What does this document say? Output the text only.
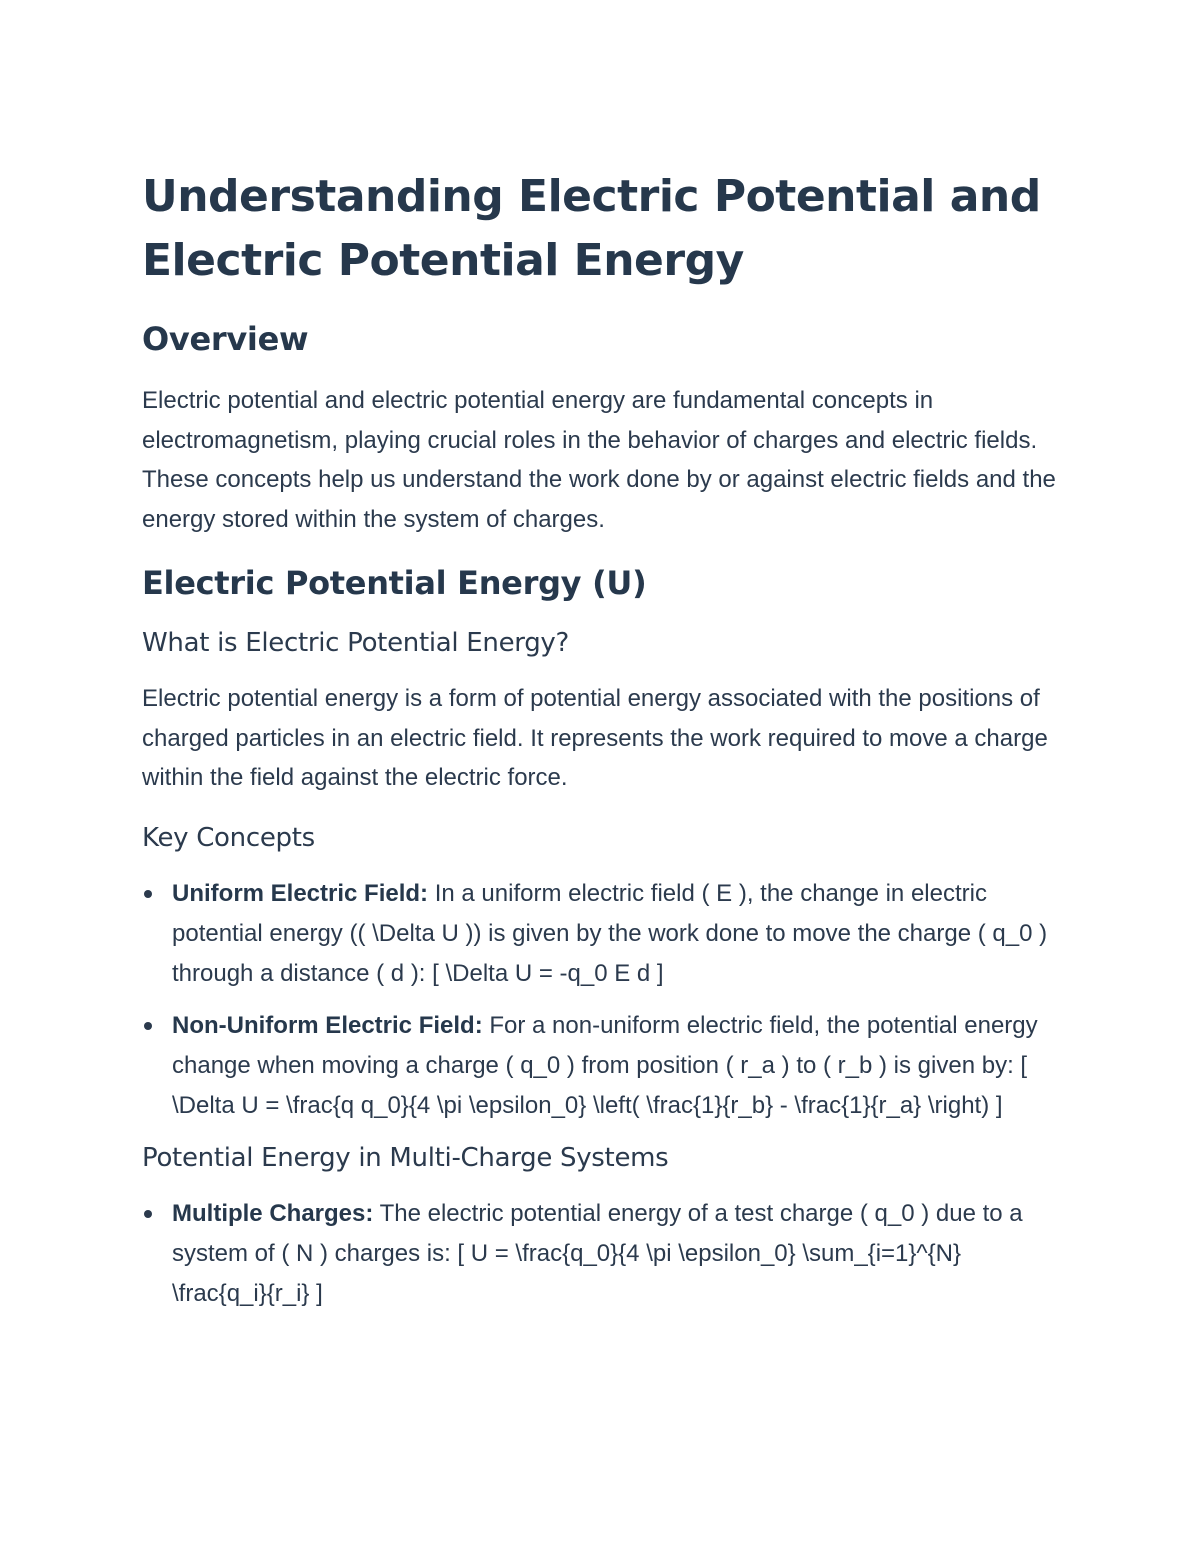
Understanding Electric Potential and Electric Potential Energy
Overview

Electric potential and electric potential energy are fundamental concepts in electromagnetism, playing crucial roles in the behavior of charges and electric fields. These concepts help us understand the work done by or against electric fields and the energy stored within the system of charges.

Electric Potential Energy (U)
What is Electric Potential Energy?

Electric potential energy is a form of potential energy associated with the positions of charged particles in an electric field. It represents the work required to move a charge within the field against the electric force.

Key Concepts
Uniform Electric Field: In a uniform electric field ( E ), the change in electric potential energy (( \Delta U )) is given by the work done to move the charge ( q_0 ) through a distance ( d ): [ \Delta U = -q_0 E d ]
Non-Uniform Electric Field: For a non-uniform electric field, the potential energy change when moving a charge ( q_0 ) from position ( r_a ) to ( r_b ) is given by: [ \Delta U = \frac{q q_0}{4 \pi \epsilon_0} \left( \frac{1}{r_b} - \frac{1}{r_a} \right) ]
Potential Energy in Multi-Charge Systems
Multiple Charges: The electric potential energy of a test charge ( q_0 ) due to a system of ( N ) charges is: [ U = \frac{q_0}{4 \pi \epsilon_0} \sum_{i=1}^{N} \frac{q_i}{r_i} ]
